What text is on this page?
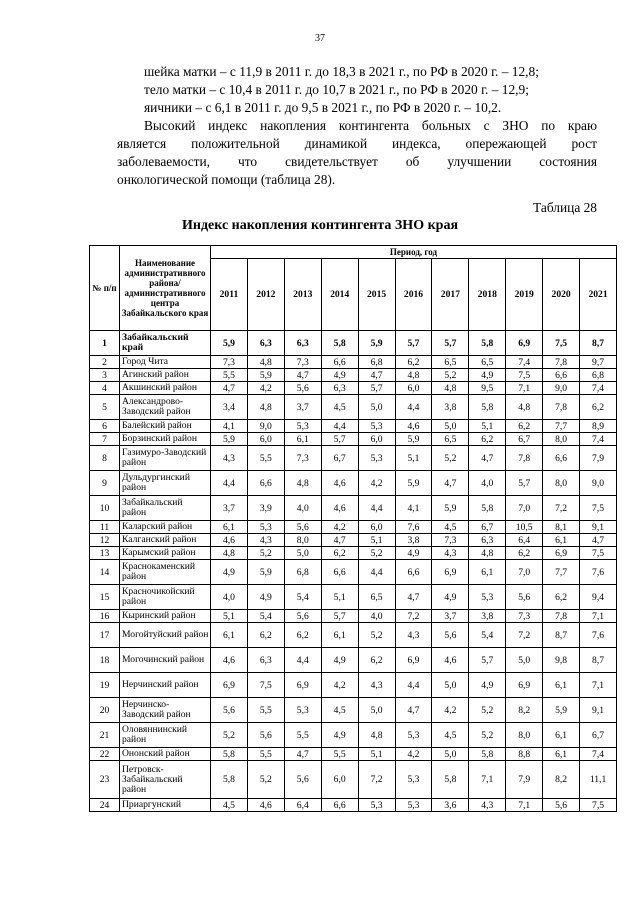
37
шейка матки – с 11,9 в 2011 г. до 18,3 в 2021 г., по РФ в 2020 г. – 12,8;
тело матки – с 10,4 в 2011 г. до 10,7 в 2021 г., по РФ в 2020 г. – 12,9;
яичники – с 6,1 в 2011 г. до 9,5 в 2021 г., по РФ в 2020 г. – 10,2.
Высокий индекс накопления контингента больных с ЗНО по краю
является положительной динамикой индекса, опережающей рост
заболеваемости, что свидетельствует об улучшении состояния
онкологической помощи (таблица 28).
Таблица 28
Индекс накопления контингента ЗНО края
№ п/п	Наименование административного района/ административного центра Забайкальского края	Период, год										
		2011	2012	2013	2014	2015	2016	2017	2018	2019	2020	2021
1	Забайкальский край	5,9	6,3	6,3	5,8	5,9	5,7	5,7	5,8	6,9	7,5	8,7
2	Город Чита	7,3	4,8	7,3	6,6	6,8	6,2	6,5	6,5	7,4	7,8	9,7
3	Агинский район	5,5	5,9	4,7	4,9	4,7	4,8	5,2	4,9	7,5	6,6	6,8
4	Акшинский район	4,7	4,2	5,6	6,3	5,7	6,0	4,8	9,5	7,1	9,0	7,4
5	Александрово-Заводский район	3,4	4,8	3,7	4,5	5,0	4,4	3,8	5,8	4,8	7,8	6,2
6	Балейский район	4,1	9,0	5,3	4,4	5,3	4,6	5,0	5,1	6,2	7,7	8,9
7	Борзинский район	5,9	6,0	6,1	5,7	6,0	5,9	6,5	6,2	6,7	8,0	7,4
8	Газимуро-Заводский район	4,3	5,5	7,3	6,7	5,3	5,1	5,2	4,7	7,8	6,6	7,9
9	Дульдургинский район	4,4	6,6	4,8	4,6	4,2	5,9	4,7	4,0	5,7	8,0	9,0
10	Забайкальский район	3,7	3,9	4,0	4,6	4,4	4,1	5,9	5,8	7,0	7,2	7,5
11	Каларский район	6,1	5,3	5,6	4,2	6,0	7,6	4,5	6,7	10,5	8,1	9,1
12	Калганский район	4,6	4,3	8,0	4,7	5,1	3,8	7,3	6,3	6,4	6,1	4,7
13	Карымский район	4,8	5,2	5,0	6,2	5,2	4,9	4,3	4,8	6,2	6,9	7,5
14	Краснокаменский район	4,9	5,9	6,8	6,6	4,4	6,6	6,9	6,1	7,0	7,7	7,6
15	Красночикойский район	4,0	4,9	5,4	5,1	6,5	4,7	4,9	5,3	5,6	6,2	9,4
16	Кыринский район	5,1	5,4	5,6	5,7	4,0	7,2	3,7	3,8	7,3	7,8	7,1
17	Могойтуйский район	6,1	6,2	6,2	6,1	5,2	4,3	5,6	5,4	7,2	8,7	7,6
18	Могочинский район	4,6	6,3	4,4	4,9	6,2	6,9	4,6	5,7	5,0	9,8	8,7
19	Нерчинский район	6,9	7,5	6,9	4,2	4,3	4,4	5,0	4,9	6,9	6,1	7,1
20	Нерчинско-Заводский район	5,6	5,5	5,3	4,5	5,0	4,7	4,2	5,2	8,2	5,9	9,1
21	Оловяннинский район	5,2	5,6	5,5	4,9	4,8	5,3	4,5	5,2	8,0	6,1	6,7
22	Ононский район	5,8	5,5	4,7	5,5	5,1	4,2	5,0	5,8	8,8	6,1	7,4
23	Петровск-Забайкальский район	5,8	5,2	5,6	6,0	7,2	5,3	5,8	7,1	7,9	8,2	11,1
24	Приаргунский	4,5	4,6	6,4	6,6	5,3	5,3	3,6	4,3	7,1	5,6	7,5
